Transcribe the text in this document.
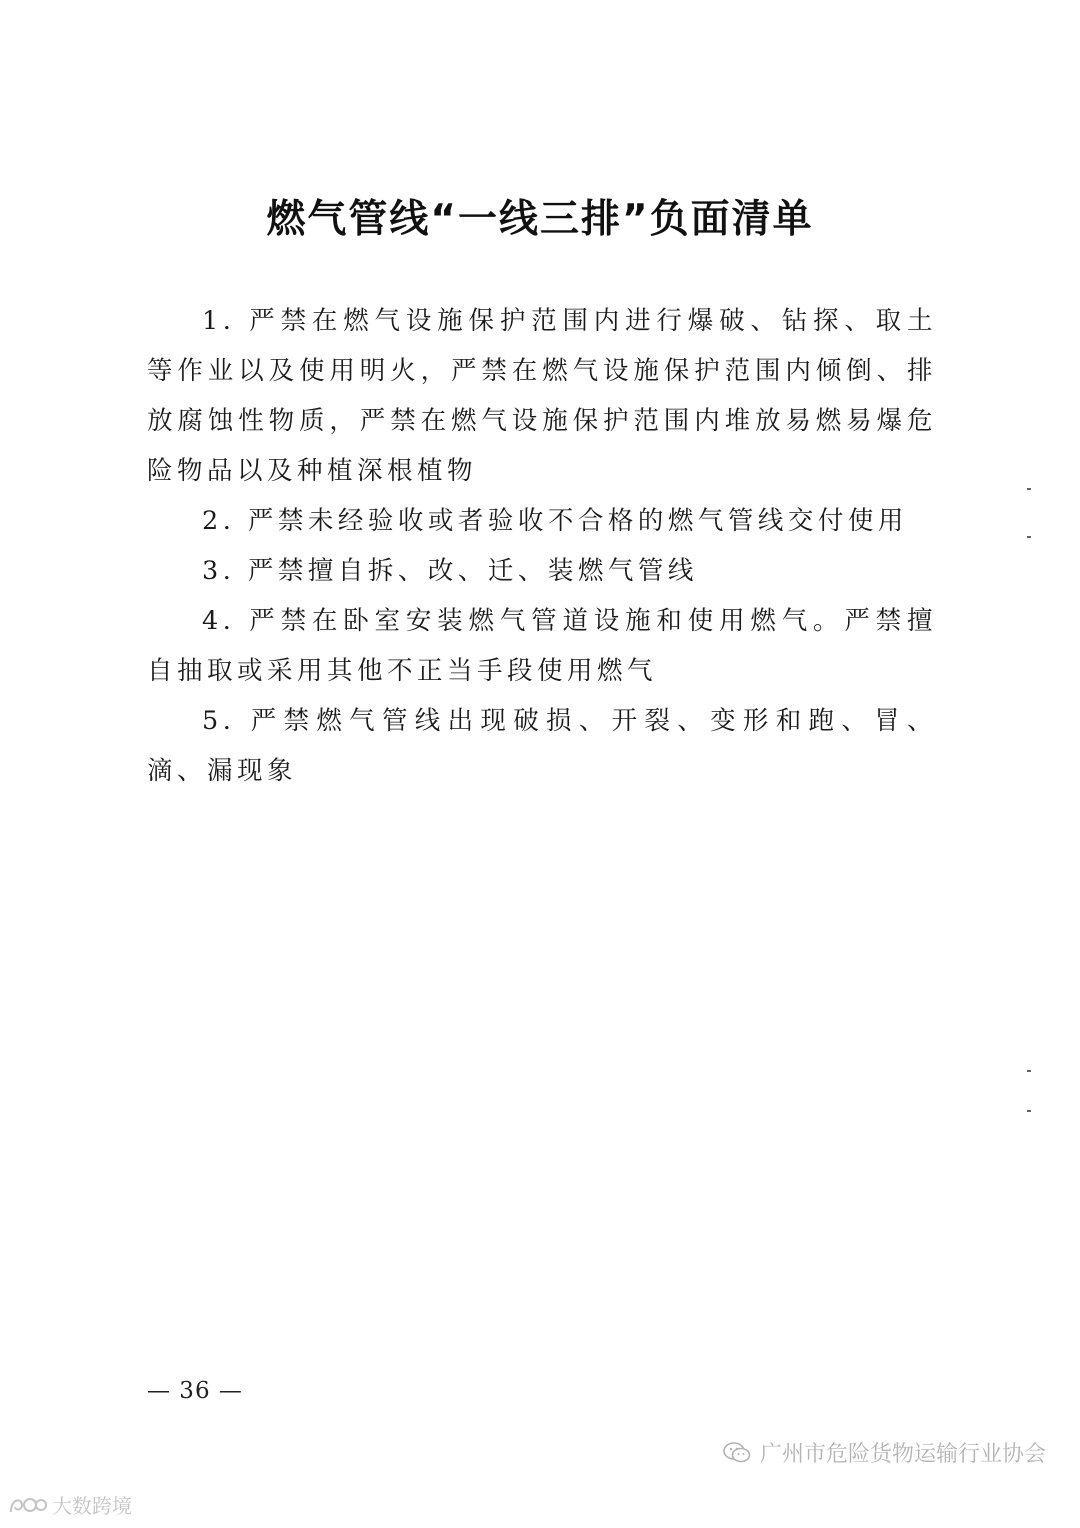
燃气管线“一线三排”负面清单

1. 严禁在燃气设施保护范围内进行爆破、钻探、取土等作业以及使用明火，严禁在燃气设施保护范围内倾倒、排放腐蚀性物质，严禁在燃气设施保护范围内堆放易燃易爆危险物品以及种植深根植物

2. 严禁未经验收或者验收不合格的燃气管线交付使用

3. 严禁擅自拆、改、迁、装燃气管线

4. 严禁在卧室安装燃气管道设施和使用燃气。严禁擅自抽取或采用其他不正当手段使用燃气

5. 严禁燃气管线出现破损、开裂、变形和跑、冒、滴、漏现象

— 36 —
广州市危险货物运输行业协会
大数跨境
